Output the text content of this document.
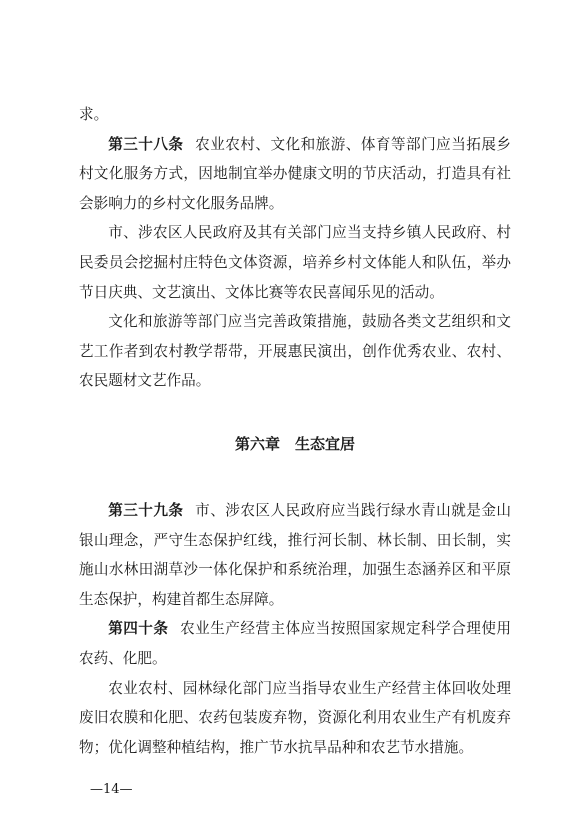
求。

第三十八条 农业农村、文化和旅游、体育等部门应当拓展乡村文化服务方式，因地制宜举办健康文明的节庆活动，打造具有社会影响力的乡村文化服务品牌。

市、涉农区人民政府及其有关部门应当支持乡镇人民政府、村民委员会挖掘村庄特色文体资源，培养乡村文体能人和队伍，举办节日庆典、文艺演出、文体比赛等农民喜闻乐见的活动。

文化和旅游等部门应当完善政策措施，鼓励各类文艺组织和文艺工作者到农村教学帮带，开展惠民演出，创作优秀农业、农村、农民题材文艺作品。

第六章 生态宜居

第三十九条 市、涉农区人民政府应当践行绿水青山就是金山银山理念，严守生态保护红线，推行河长制、林长制、田长制，实施山水林田湖草沙一体化保护和系统治理，加强生态涵养区和平原生态保护，构建首都生态屏障。

第四十条 农业生产经营主体应当按照国家规定科学合理使用农药、化肥。

农业农村、园林绿化部门应当指导农业生产经营主体回收处理废旧农膜和化肥、农药包装废弃物，资源化利用农业生产有机废弃物；优化调整种植结构，推广节水抗旱品种和农艺节水措施。

—14—
